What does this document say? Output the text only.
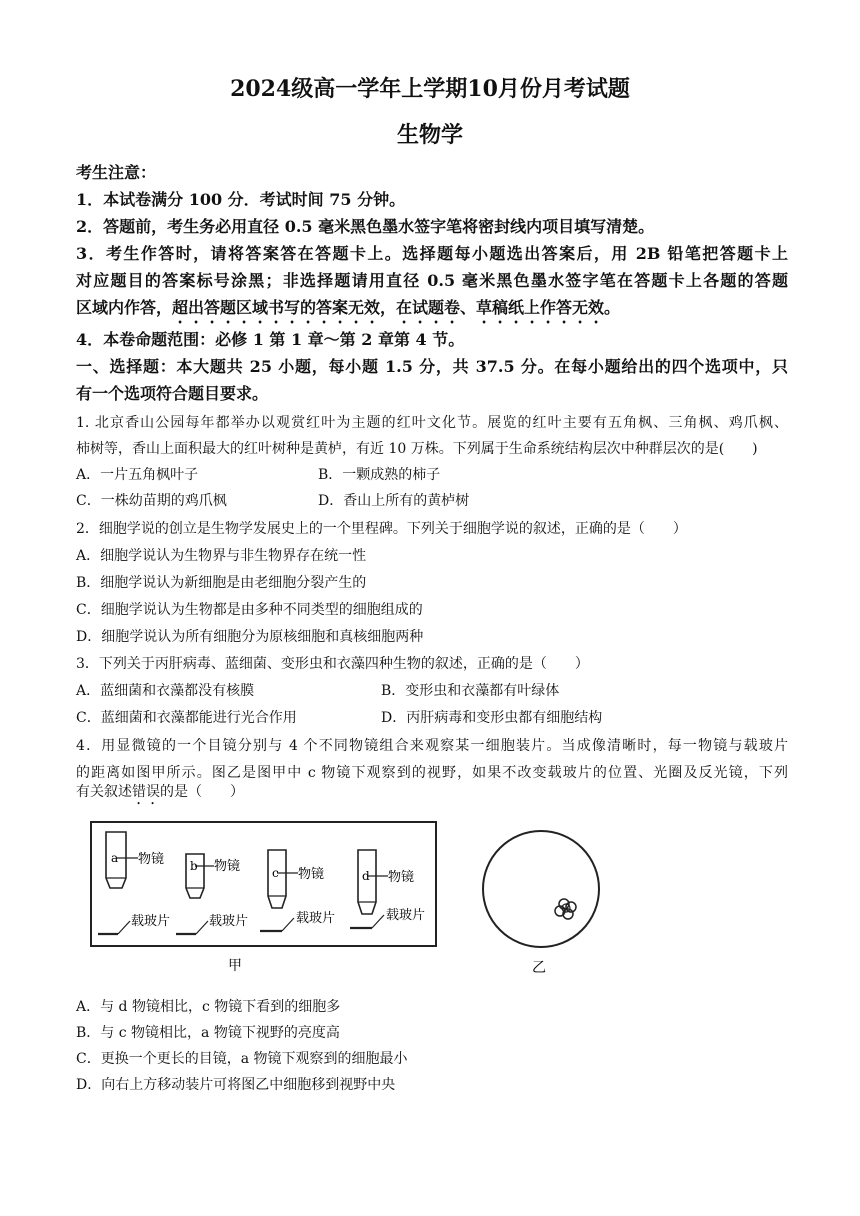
2024级高一学年上学期10月份月考试题
生物学
考生注意：
1．本试卷满分 100 分．考试时间 75 分钟。
2．答题前，考生务必用直径 0.5 毫米黑色墨水签字笔将密封线内项目填写清楚。
3．考生作答时，请将答案答在答题卡上。选择题每小题选出答案后，用 2B 铅笔把答题卡上
对应题目的答案标号涂黑；非选择题请用直径 0.5 毫米黑色墨水签字笔在答题卡上各题的答题
区域内作答，超出答题区域书写的答案无效，在试题卷、草稿纸上作答无效。
4．本卷命题范围：必修 1 第 1 章～第 2 章第 4 节。
一、选择题：本大题共 25 小题，每小题 1.5 分，共 37.5 分。在每小题给出的四个选项中，只
有一个选项符合题目要求。
1. 北京香山公园每年都举办以观赏红叶为主题的红叶文化节。展览的红叶主要有五角枫、三角枫、鸡爪枫、
柿树等，香山上面积最大的红叶树种是黄栌，有近 10 万株。下列属于生命系统结构层次中种群层次的是(　　)
A．一片五角枫叶子	B．一颗成熟的柿子
C．一株幼苗期的鸡爪枫	D．香山上所有的黄栌树
2．细胞学说的创立是生物学发展史上的一个里程碑。下列关于细胞学说的叙述，正确的是（　　）
A．细胞学说认为生物界与非生物界存在统一性
B．细胞学说认为新细胞是由老细胞分裂产生的
C．细胞学说认为生物都是由多种不同类型的细胞组成的
D．细胞学说认为所有细胞分为原核细胞和真核细胞两种
3．下列关于丙肝病毒、蓝细菌、变形虫和衣藻四种生物的叙述，正确的是（　　）
A．蓝细菌和衣藻都没有核膜	B．变形虫和衣藻都有叶绿体
C．蓝细菌和衣藻都能进行光合作用	D．丙肝病毒和变形虫都有细胞结构
4．用显微镜的一个目镜分别与 4 个不同物镜组合来观察某一细胞装片。当成像清晰时，每一物镜与载玻片
的距离如图甲所示。图乙是图甲中 c 物镜下观察到的视野，如果不改变载玻片的位置、光圈及反光镜，下列
有关叙述错误的是（　　）
a 物镜
载玻片
b 物镜
载玻片
c 物镜
载玻片
d 物镜
载玻片
甲	乙
A．与 d 物镜相比，c 物镜下看到的细胞多
B．与 c 物镜相比，a 物镜下视野的亮度高
C．更换一个更长的目镜，a 物镜下观察到的细胞最小
D．向右上方移动装片可将图乙中细胞移到视野中央
